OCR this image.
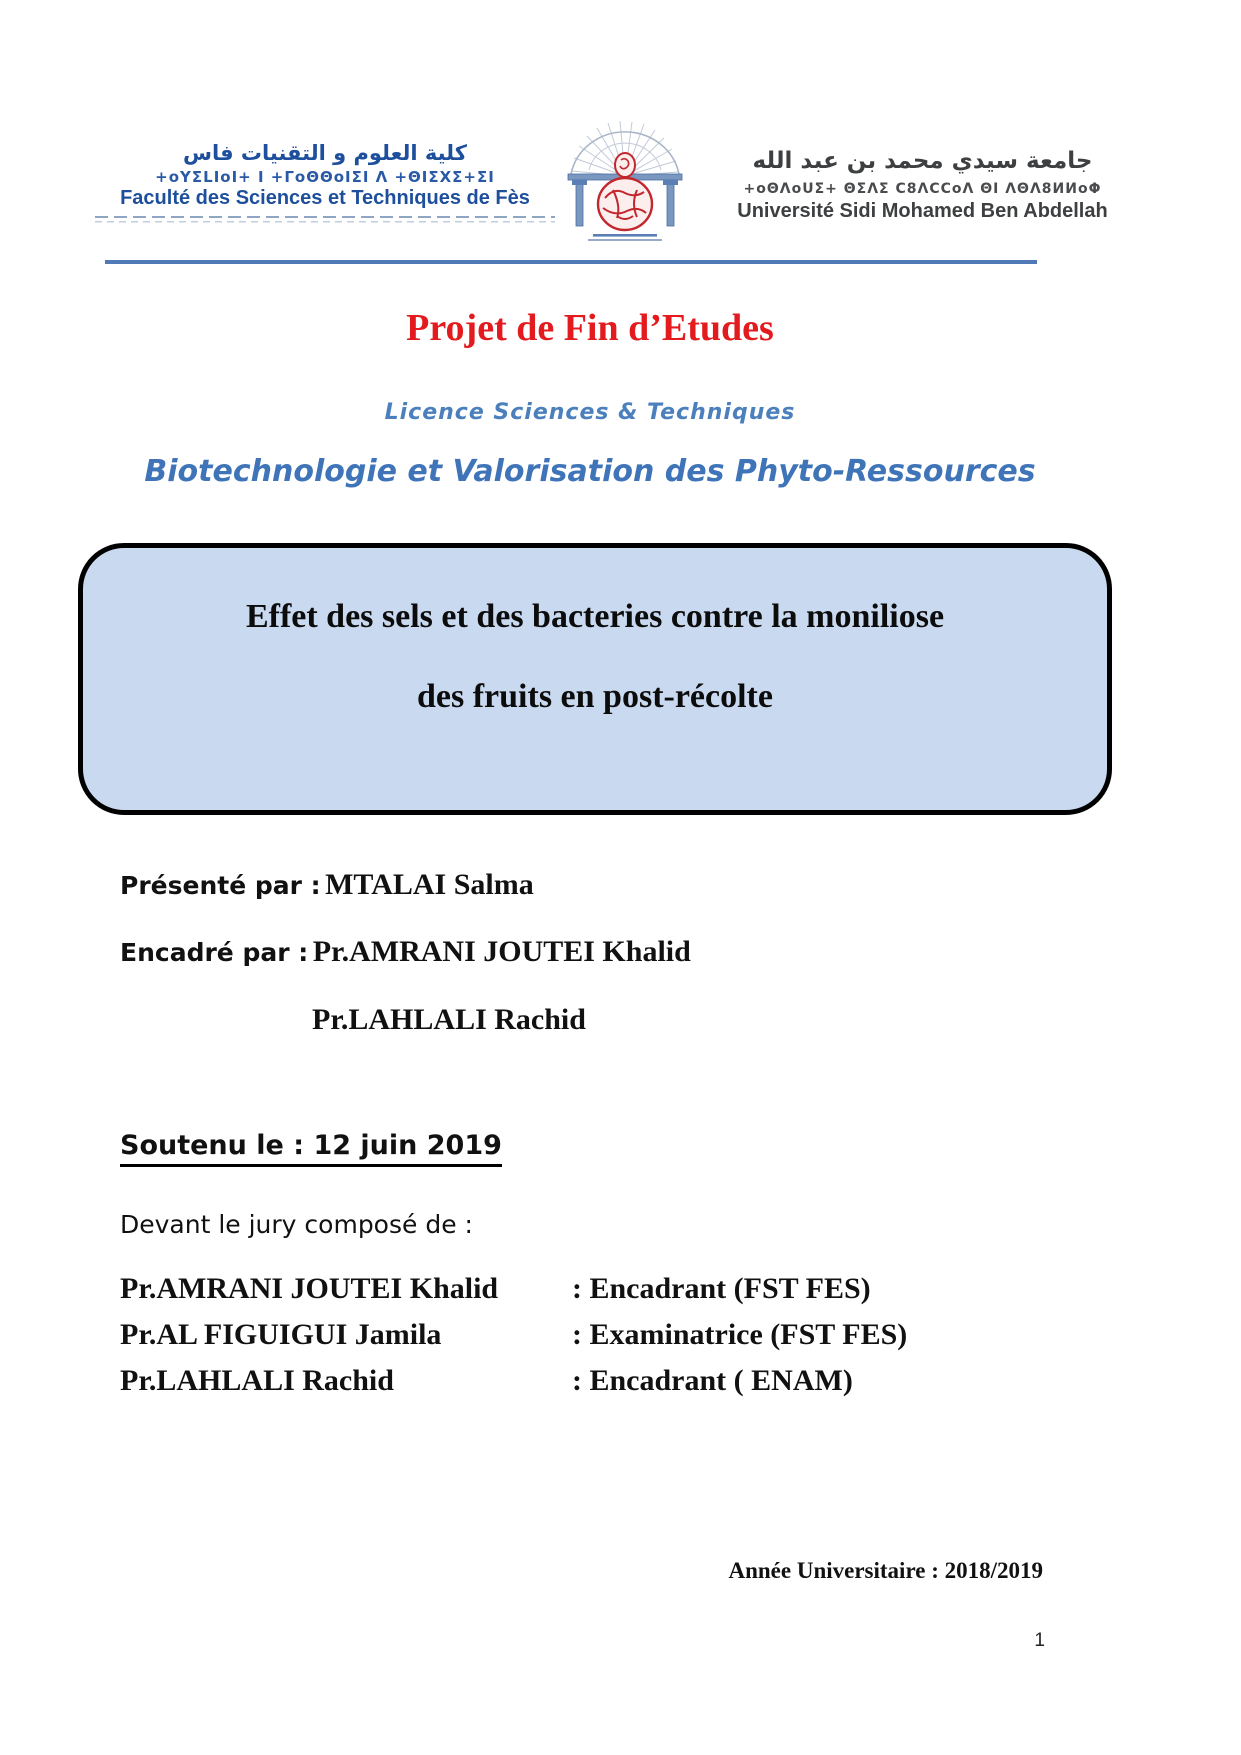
كلية العلوم و التقنيات فاس
+oYΣLIoI+ I +ΓoΘΘoIΣI Λ +ΘIΣΧΣ+ΣI
Faculté des Sciences et Techniques de Fès
جامعة سيدي محمد بن عبد الله
+oΘΛoUΣ+ ΘΣΛΣ C8ΛCCoΛ ΘI ΛΘΛ8ИИoΦ
Université Sidi Mohamed Ben Abdellah
Projet de Fin d’Etudes
Licence Sciences & Techniques
Biotechnologie et Valorisation des Phyto-Ressources
Effet des sels et des bacteries contre la moniliose
des fruits en post-récolte
Présenté par : MTALAI Salma
Encadré par : Pr.AMRANI JOUTEI Khalid
Pr.LAHLALI Rachid
Soutenu le : 12 juin 2019
Devant le jury composé de :
Pr.AMRANI JOUTEI Khalid : Encadrant (FST FES)
Pr.AL FIGUIGUI Jamila	: Examinatrice (FST FES)
Pr.LAHLALI Rachid	: Encadrant ( ENAM)
Année Universitaire : 2018/2019
1
